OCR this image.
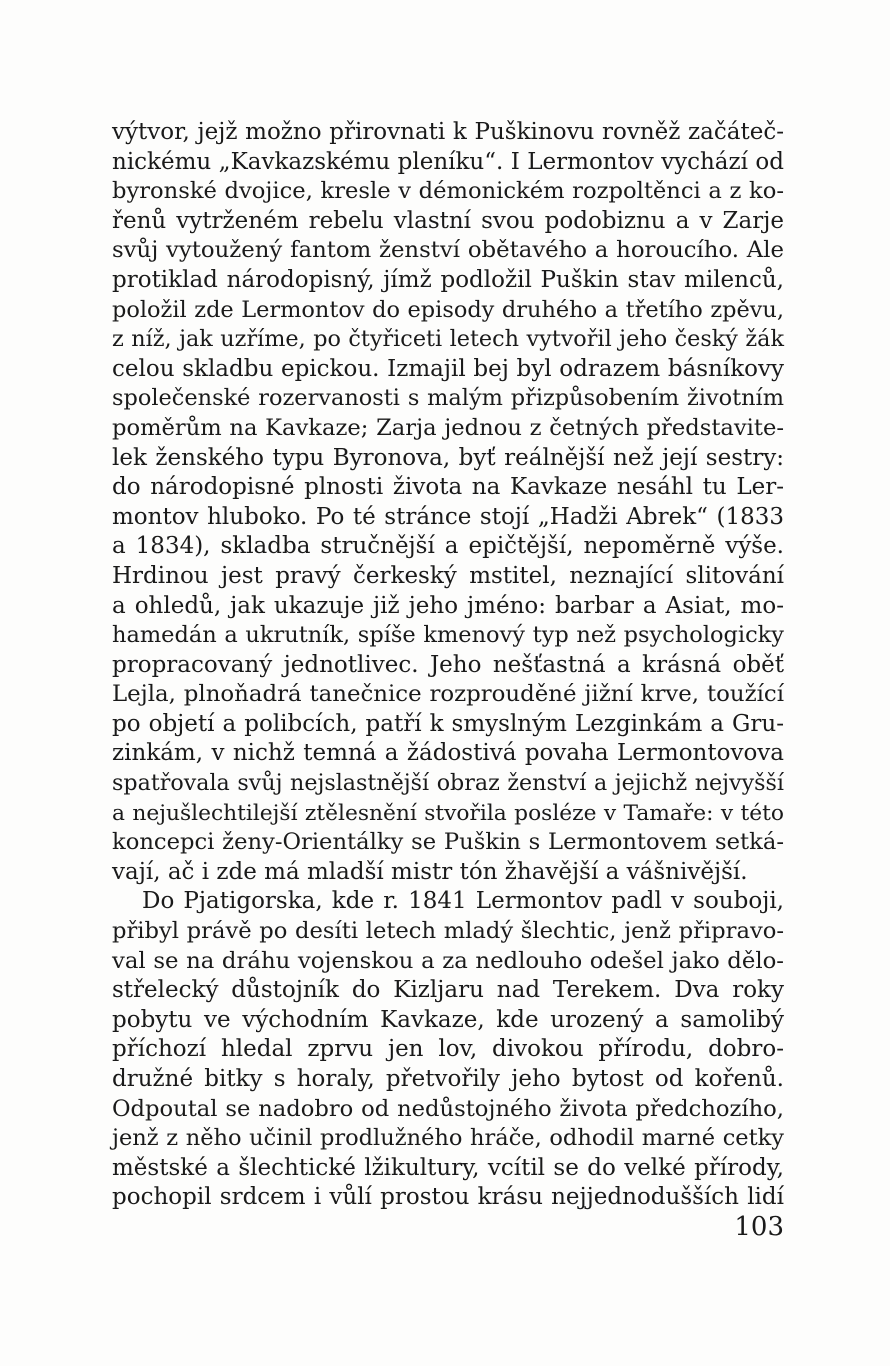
výtvor, jejž možno přirovnati k Puškinovu rovněž začáteč-
nickému „Kavkazskému pleníku“. I Lermontov vychází od
byronské dvojice, kresle v démonickém rozpoltěnci a z ko-
řenů vytrženém rebelu vlastní svou podobiznu a v Zarje
svůj vytoužený fantom ženství obětavého a horoucího. Ale
protiklad národopisný, jímž podložil Puškin stav milenců,
položil zde Lermontov do episody druhého a třetího zpěvu,
z níž, jak uzříme, po čtyřiceti letech vytvořil jeho český žák
celou skladbu epickou. Izmajil bej byl odrazem básníkovy
společenské rozervanosti s malým přizpůsobením životním
poměrům na Kavkaze; Zarja jednou z četných představite-
lek ženského typu Byronova, byť reálnější než její sestry:
do národopisné plnosti života na Kavkaze nesáhl tu Ler-
montov hluboko. Po té stránce stojí „Hadži Abrek“ (1833
a 1834), skladba stručnější a epičtější, nepoměrně výše.
Hrdinou jest pravý čerkeský mstitel, neznající slitování
a ohledů, jak ukazuje již jeho jméno: barbar a Asiat, mo-
hamedán a ukrutník, spíše kmenový typ než psychologicky
propracovaný jednotlivec. Jeho nešťastná a krásná oběť
Lejla, plnoňadrá tanečnice rozprouděné jižní krve, toužící
po objetí a polibcích, patří k smyslným Lezginkám a Gru-
zinkám, v nichž temná a žádostivá povaha Lermontovova
spatřovala svůj nejslastnější obraz ženství a jejichž nejvyšší
a nejušlechtilejší ztělesnění stvořila posléze v Tamaře: v této
koncepci ženy-Orientálky se Puškin s Lermontovem setká-
vají, ač i zde má mladší mistr tón žhavější a vášnivější.
Do Pjatigorska, kde r. 1841 Lermontov padl v souboji,
přibyl právě po desíti letech mladý šlechtic, jenž připravo-
val se na dráhu vojenskou a za nedlouho odešel jako dělo-
střelecký důstojník do Kizljaru nad Terekem. Dva roky
pobytu ve východním Kavkaze, kde urozený a samolibý
příchozí hledal zprvu jen lov, divokou přírodu, dobro-
družné bitky s horaly, přetvořily jeho bytost od kořenů.
Odpoutal se nadobro od nedůstojného života předchozího,
jenž z něho učinil prodlužného hráče, odhodil marné cetky
městské a šlechtické lžikultury, vcítil se do velké přírody,
pochopil srdcem i vůlí prostou krásu nejjednodušších lidí
103
